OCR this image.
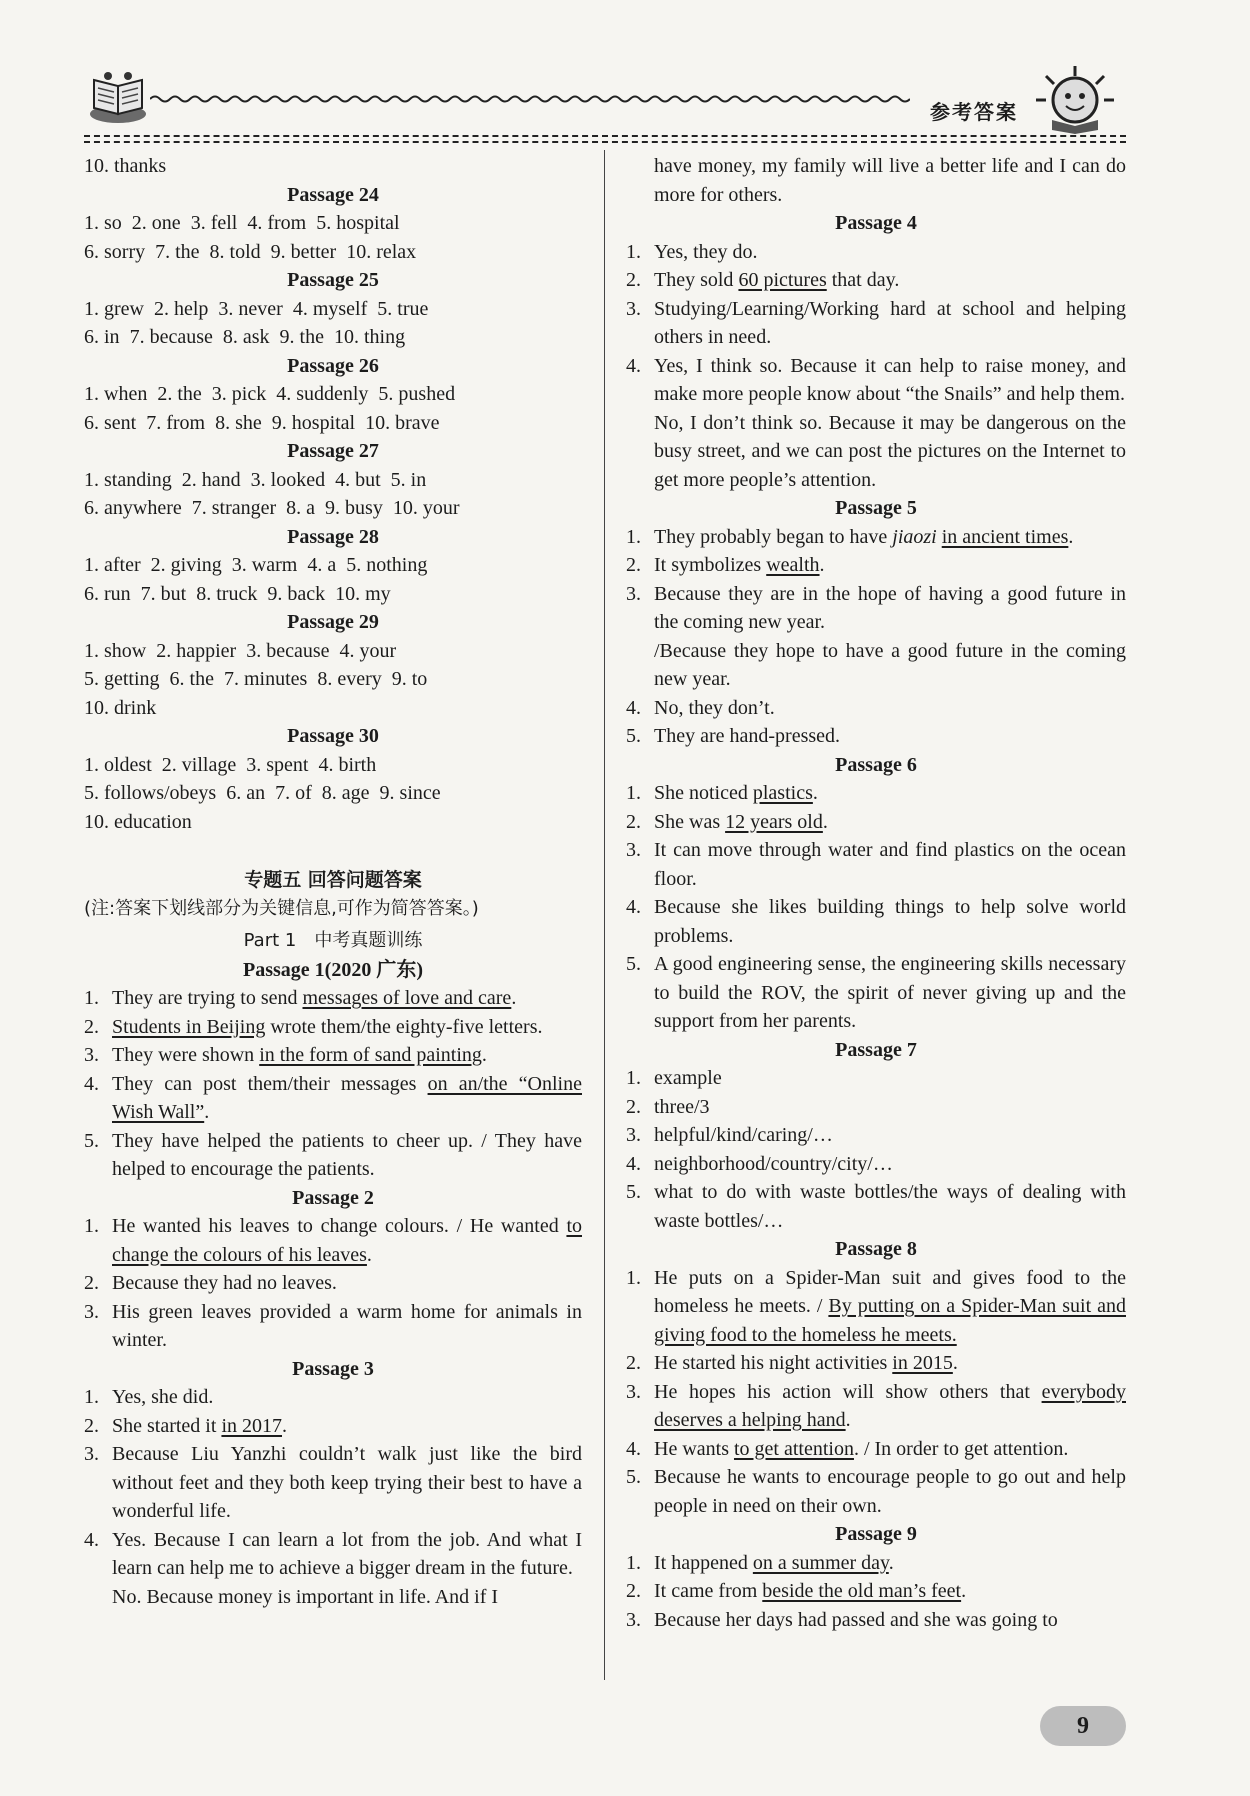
参考答案
10. thanks
Passage 24
1. so 2. one 3. fell 4. from 5. hospital
6. sorry 7. the 8. told 9. better 10. relax
Passage 25
1. grew 2. help 3. never 4. myself 5. true
6. in 7. because 8. ask 9. the 10. thing
Passage 26
1. when 2. the 3. pick 4. suddenly 5. pushed
6. sent 7. from 8. she 9. hospital 10. brave
Passage 27
1. standing 2. hand 3. looked 4. but 5. in
6. anywhere 7. stranger 8. a 9. busy 10. your
Passage 28
1. after 2. giving 3. warm 4. a 5. nothing
6. run 7. but 8. truck 9. back 10. my
Passage 29
1. show 2. happier 3. because 4. your
5. getting 6. the 7. minutes 8. every 9. to
10. drink
Passage 30
1. oldest 2. village 3. spent 4. birth
5. follows/obeys 6. an 7. of 8. age 9. since
10. education
专题五 回答问题答案
(注:答案下划线部分为关键信息,可作为简答答案。)
Part 1　中考真题训练
Passage 1(2020 广东)
1. They are trying to send messages of love and care.
2. Students in Beijing wrote them/the eighty-five letters.
3. They were shown in the form of sand painting.
4. They can post them/their messages on an/the “Online Wish Wall”.
5. They have helped the patients to cheer up. / They have helped to encourage the patients.
Passage 2
1. He wanted his leaves to change colours. / He wanted to change the colours of his leaves.
2. Because they had no leaves.
3. His green leaves provided a warm home for animals in winter.
Passage 3
1. Yes, she did.
2. She started it in 2017.
3. Because Liu Yanzhi couldn’t walk just like the bird without feet and they both keep trying their best to have a wonderful life.
4. Yes. Because I can learn a lot from the job. And what I learn can help me to achieve a bigger dream in the future.
No. Because money is important in life. And if I
have money, my family will live a better life and I can do more for others.
Passage 4
1. Yes, they do.
2. They sold 60 pictures that day.
3. Studying/Learning/Working hard at school and helping others in need.
4. Yes, I think so. Because it can help to raise money, and make more people know about “the Snails” and help them.
No, I don’t think so. Because it may be dangerous on the busy street, and we can post the pictures on the Internet to get more people’s attention.
Passage 5
1. They probably began to have jiaozi in ancient times.
2. It symbolizes wealth.
3. Because they are in the hope of having a good future in the coming new year.
/Because they hope to have a good future in the coming new year.
4. No, they don’t.
5. They are hand-pressed.
Passage 6
1. She noticed plastics.
2. She was 12 years old.
3. It can move through water and find plastics on the ocean floor.
4. Because she likes building things to help solve world problems.
5. A good engineering sense, the engineering skills necessary to build the ROV, the spirit of never giving up and the support from her parents.
Passage 7
1. example
2. three/3
3. helpful/kind/caring/…
4. neighborhood/country/city/…
5. what to do with waste bottles/the ways of dealing with waste bottles/…
Passage 8
1. He puts on a Spider-Man suit and gives food to the homeless he meets. / By putting on a Spider-Man suit and giving food to the homeless he meets.
2. He started his night activities in 2015.
3. He hopes his action will show others that everybody deserves a helping hand.
4. He wants to get attention. / In order to get attention.
5. Because he wants to encourage people to go out and help people in need on their own.
Passage 9
1. It happened on a summer day.
2. It came from beside the old man’s feet.
3. Because her days had passed and she was going to
9
